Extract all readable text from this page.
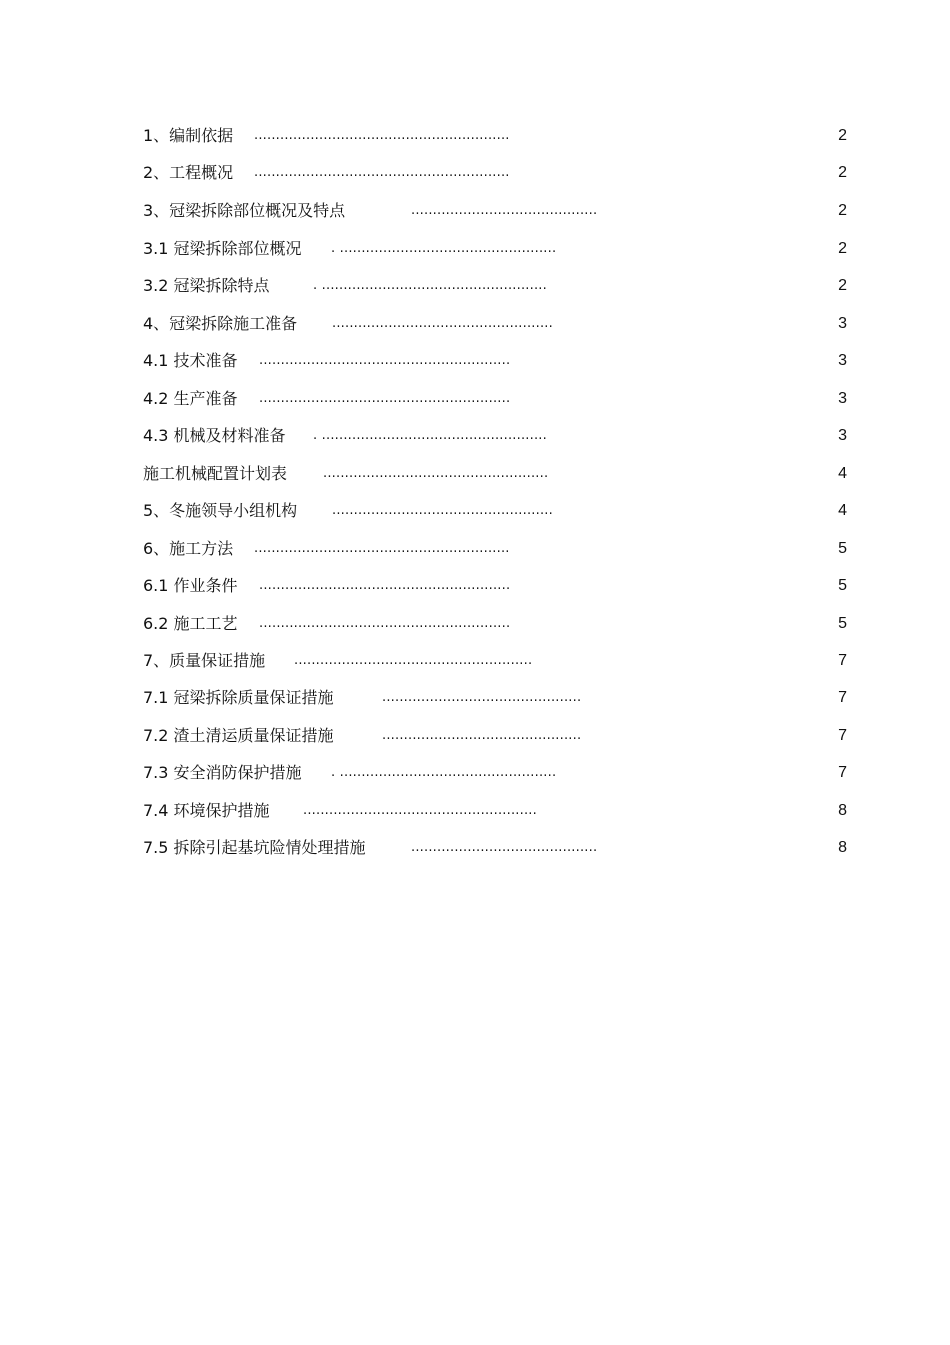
1、编制依据 ...........................................................	2
2、工程概况 ...........................................................	2
3、冠梁拆除部位概况及特点	...........................................	2
3.1 冠梁拆除部位概况 . ..................................................	2
3.2 冠梁拆除特点	. ....................................................	2
4、冠梁拆除施工准备	...................................................	3
4.1 技术准备 ..........................................................	3
4.2 生产准备 ..........................................................	3
4.3 机械及材料准备 . ....................................................	3
施工机械配置计划表	....................................................	4
5、冬施领导小组机构	...................................................	4
6、施工方法 ...........................................................	5
6.1 作业条件 ..........................................................	5
6.2 施工工艺 ..........................................................	5
7、质量保证措施 .......................................................	7
7.1 冠梁拆除质量保证措施	..............................................	7
7.2 渣土清运质量保证措施	..............................................	7
7.3 安全消防保护措施 . ..................................................	7
7.4 环境保护措施	......................................................	8
7.5 拆除引起基坑险情处理措施	...........................................	8
